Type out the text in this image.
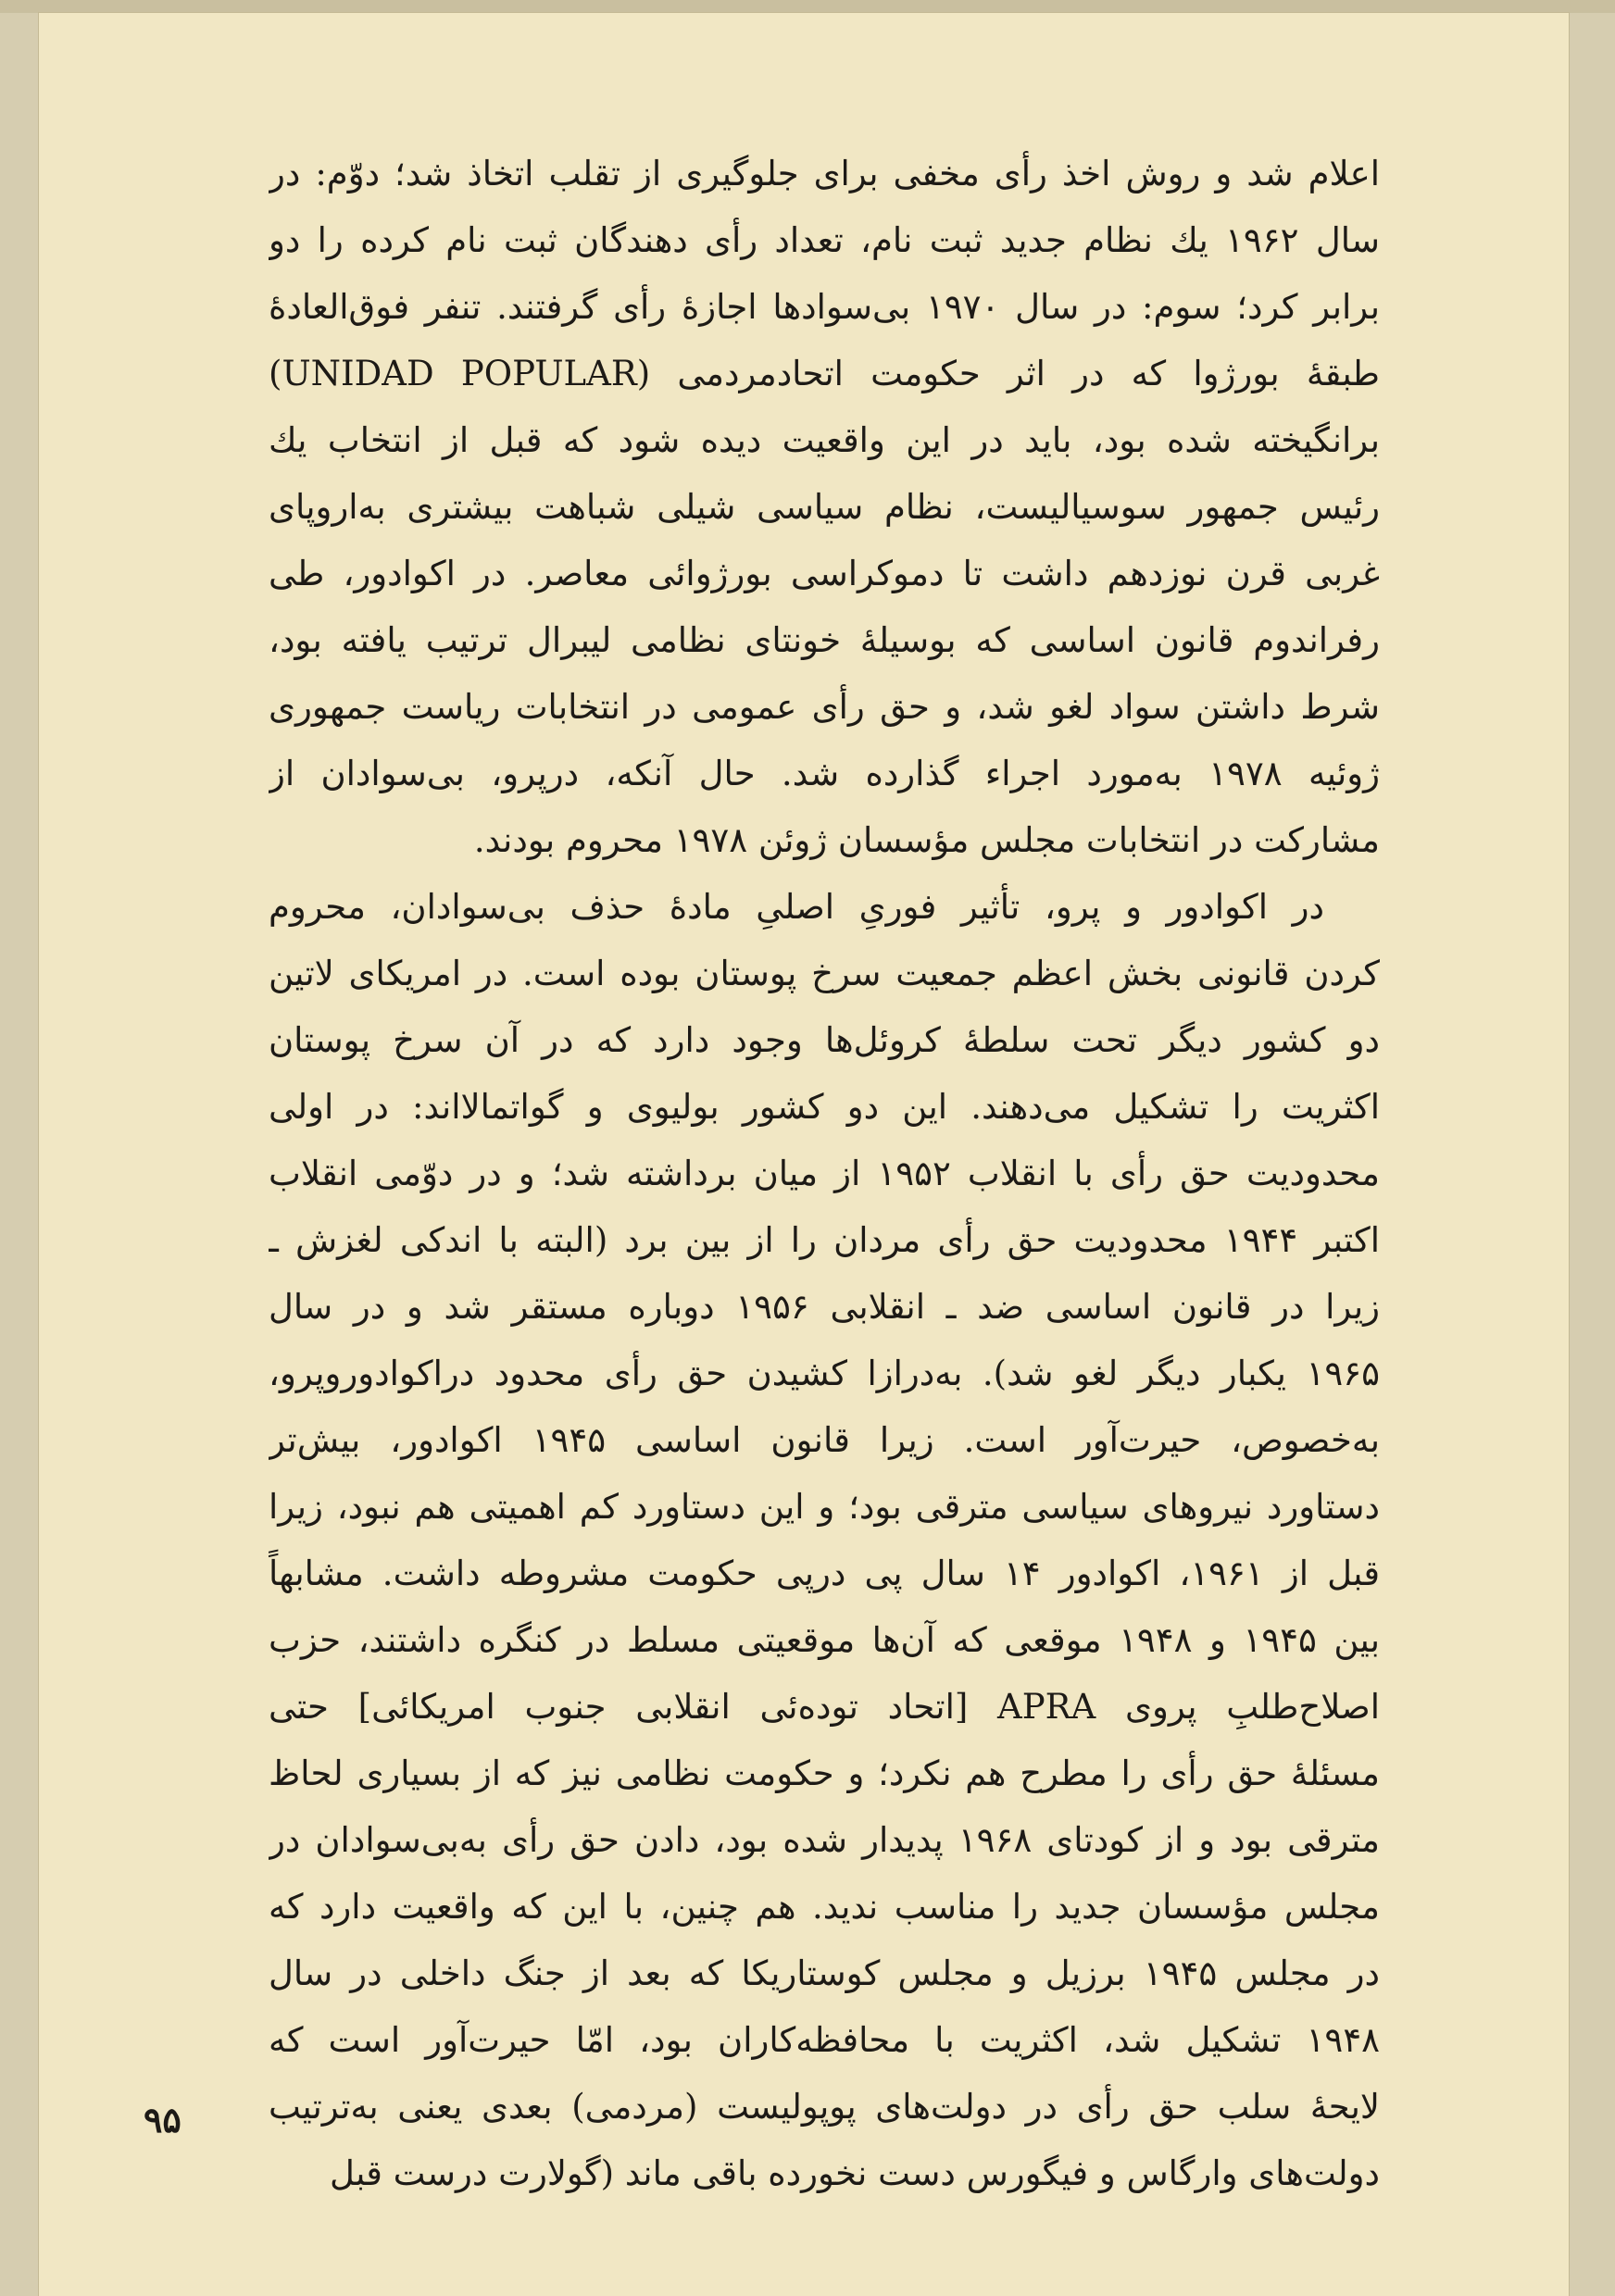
اعلام شد و روش اخذ رأی مخفی برای جلوگیری از تقلب اتخاذ شد؛ دوّم: در
سال ۱۹۶۲ یك نظام جدید ثبت نام، تعداد رأی دهندگان ثبت نام کرده را دو
برابر کرد؛ سوم: در سال ۱۹۷۰ بی‌سوادها اجازهٔ رأی گرفتند. تنفر فوق‌العادهٔ
طبقهٔ بورژوا که در اثر حکومت اتحادمردمی (UNIDAD POPULAR)
برانگیخته شده بود، باید در این واقعیت دیده شود که قبل از انتخاب یك
رئیس جمهور سوسیالیست، نظام سیاسی شیلی شباهت بیشتری به‌اروپای
غربی قرن نوزدهم داشت تا دموکراسی بورژوائی معاصر. در اکوادور، طی
رفراندوم قانون اساسی که بوسیلهٔ خونتای نظامی لیبرال ترتیب یافته بود،
شرط داشتن سواد لغو شد، و حق رأی عمومی در انتخابات ریاست جمهوری
ژوئیه ۱۹۷۸ به‌مورد اجراء گذارده شد. حال آنکه، درپرو، بی‌سوادان از
مشارکت در انتخابات مجلس مؤسسان ژوئن ۱۹۷۸ محروم بودند.
در اکوادور و پرو، تأثیر فوریِ اصلیِ مادهٔ حذف بی‌سوادان، محروم
کردن قانونی بخش اعظم جمعیت سرخ پوستان بوده است. در امریکای لاتین
دو کشور دیگر تحت سلطهٔ کروئل‌ها وجود دارد که در آن سرخ پوستان
اکثریت را تشکیل می‌دهند. این دو کشور بولیوی و گواتمالا‌اند: در اولی
محدودیت حق رأی با انقلاب ۱۹۵۲ از میان برداشته شد؛ و در دوّمی انقلاب
اکتبر ۱۹۴۴ محدودیت حق رأی مردان را از بین برد (البته با اندکی لغزش ـ
زیرا در قانون اساسی ضد ـ انقلابی ۱۹۵۶ دوباره مستقر شد و در سال
۱۹۶۵ یکبار دیگر لغو شد). به‌درازا کشیدن حق رأی محدود دراکوادوروپرو،
به‌خصوص، حیرت‌آور است. زیرا قانون اساسی ۱۹۴۵ اکوادور، بیش‌تر
دستاورد نیروهای سیاسی مترقی بود؛ و این دستاورد کم اهمیتی هم نبود، زیرا
قبل از ۱۹۶۱، اکوادور ۱۴ سال پی درپی حکومت مشروطه داشت. مشابهاً
بین ۱۹۴۵ و ۱۹۴۸ موقعی که آن‌ها موقعیتی مسلط در کنگره داشتند، حزب
اصلاح‌طلبِ پروی APRA [اتحاد توده‌ئی انقلابی جنوب امریکائی] حتی
مسئلهٔ حق رأی را مطرح هم نکرد؛ و حکومت نظامی نیز که از بسیاری لحاظ
مترقی بود و از کودتای ۱۹۶۸ پدیدار شده بود، دادن حق رأی به‌بی‌سوادان در
مجلس مؤسسان جدید را مناسب ندید. هم چنین، با این که واقعیت دارد که
در مجلس ۱۹۴۵ برزیل و مجلس کوستاریکا که بعد از جنگ داخلی در سال
۱۹۴۸ تشکیل شد، اکثریت با محافظه‌کاران بود، امّا حیرت‌آور است که
لایحهٔ سلب حق رأی در دولت‌های پوپولیست (مردمی) بعدی یعنی به‌ترتیب
دولت‌های وارگاس و فیگورس دست نخورده باقی ماند (گولارت درست قبل
۹۵
